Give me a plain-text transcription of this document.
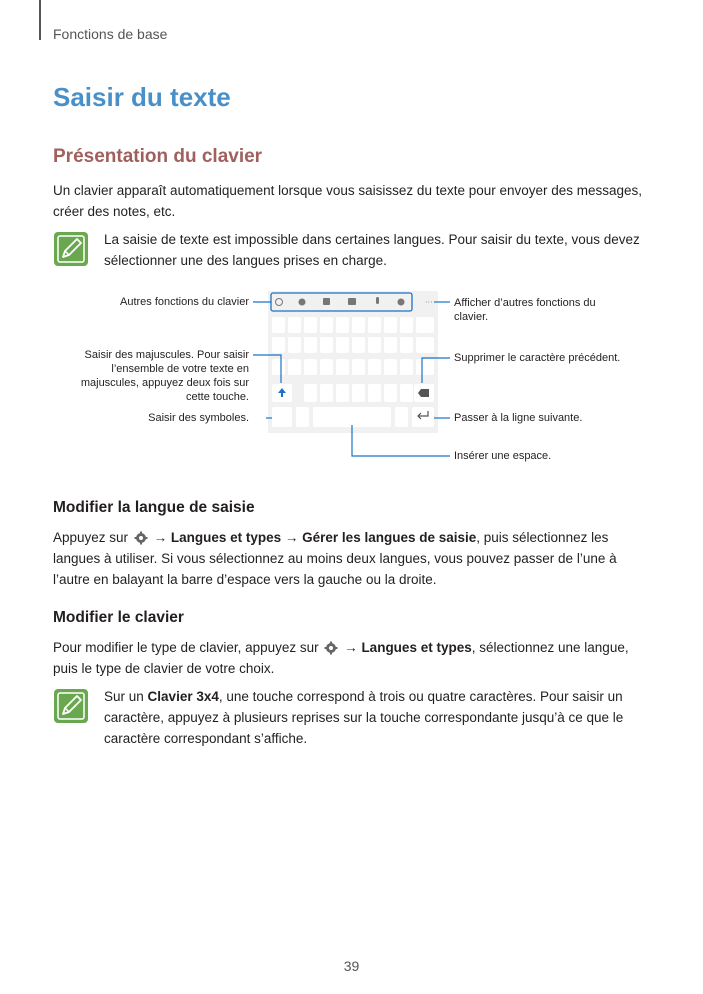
Fonctions de base
Saisir du texte
Présentation du clavier

Un clavier apparaît automatiquement lorsque vous saisissez du texte pour envoyer des messages, créer des notes, etc.

La saisie de texte est impossible dans certaines langues. Pour saisir du texte, vous devez sélectionner une des langues prises en charge.

···
Autres fonctions du clavier	Afficher d’autres fonctions du clavier.
Saisir des majuscules. Pour saisir l’ensemble de votre texte en majuscules, appuyez deux fois sur cette touche.
Supprimer le caractère précédent.
Saisir des symboles.	Passer à la ligne suivante.
Insérer une espace.
Modifier la langue de saisie

Appuyez sur → Langues et types → Gérer les langues de saisie, puis sélectionnez les langues à utiliser. Si vous sélectionnez au moins deux langues, vous pouvez passer de l’une à l’autre en balayant la barre d’espace vers la gauche ou la droite.

Modifier le clavier

Pour modifier le type de clavier, appuyez sur → Langues et types, sélectionnez une langue, puis le type de clavier de votre choix.

Sur un Clavier 3x4, une touche correspond à trois ou quatre caractères. Pour saisir un caractère, appuyez à plusieurs reprises sur la touche correspondante jusqu’à ce que le caractère correspondant s’affiche.

39
